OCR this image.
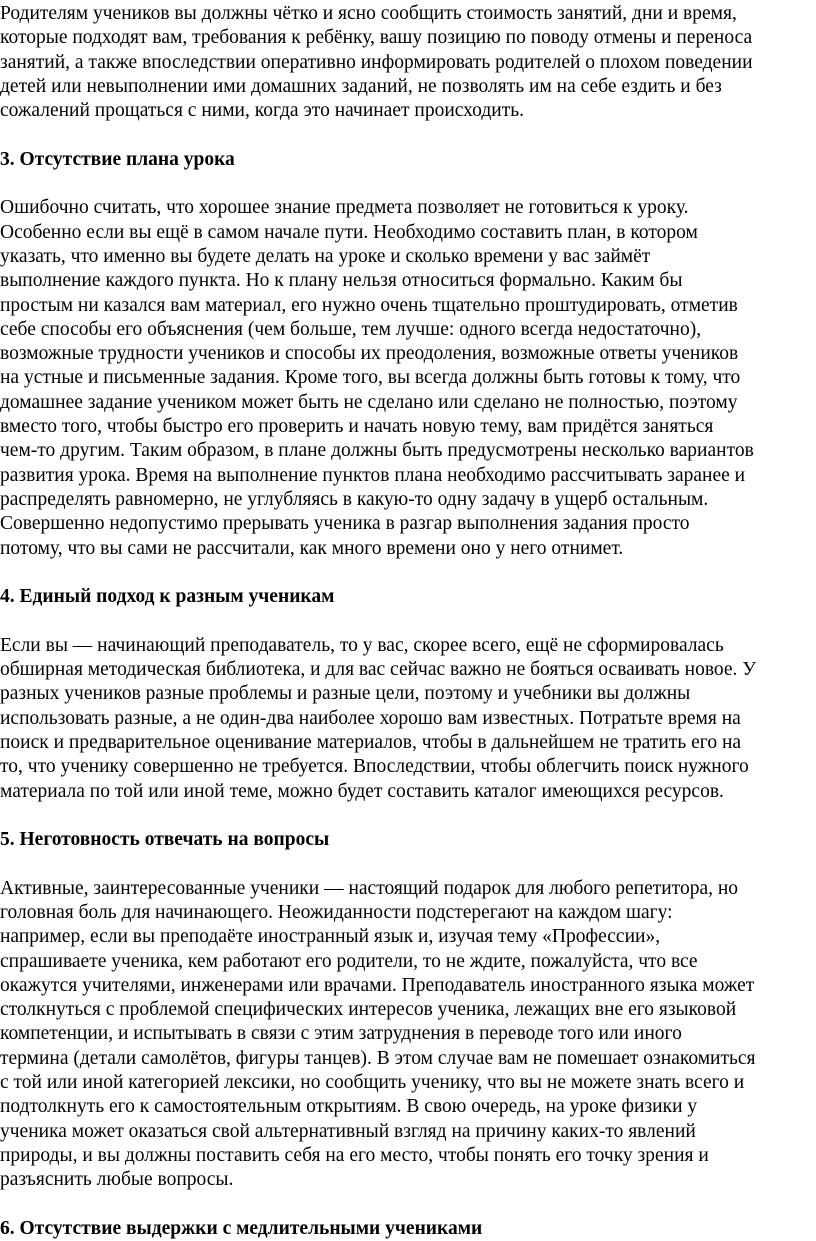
Родителям учеников вы должны чётко и ясно сообщить стоимость занятий, дни и время,
которые подходят вам, требования к ребёнку, вашу позицию по поводу отмены и переноса
занятий, а также впоследствии оперативно информировать родителей о плохом поведении
детей или невыполнении ими домашних заданий, не позволять им на себе ездить и без
сожалений прощаться с ними, когда это начинает происходить.
3. Отсутствие плана урока
Ошибочно считать, что хорошее знание предмета позволяет не готовиться к уроку.
Особенно если вы ещё в самом начале пути. Необходимо составить план, в котором
указать, что именно вы будете делать на уроке и сколько времени у вас займёт
выполнение каждого пункта. Но к плану нельзя относиться формально. Каким бы
простым ни казался вам материал, его нужно очень тщательно проштудировать, отметив
себе способы его объяснения (чем больше, тем лучше: одного всегда недостаточно),
возможные трудности учеников и способы их преодоления, возможные ответы учеников
на устные и письменные задания. Кроме того, вы всегда должны быть готовы к тому, что
домашнее задание учеником может быть не сделано или сделано не полностью, поэтому
вместо того, чтобы быстро его проверить и начать новую тему, вам придётся заняться
чем-то другим. Таким образом, в плане должны быть предусмотрены несколько вариантов
развития урока. Время на выполнение пунктов плана необходимо рассчитывать заранее и
распределять равномерно, не углубляясь в какую-то одну задачу в ущерб остальным.
Совершенно недопустимо прерывать ученика в разгар выполнения задания просто
потому, что вы сами не рассчитали, как много времени оно у него отнимет.
4. Единый подход к разным ученикам
Если вы — начинающий преподаватель, то у вас, скорее всего, ещё не сформировалась
обширная методическая библиотека, и для вас сейчас важно не бояться осваивать новое. У
разных учеников разные проблемы и разные цели, поэтому и учебники вы должны
использовать разные, а не один-два наиболее хорошо вам известных. Потратьте время на
поиск и предварительное оценивание материалов, чтобы в дальнейшем не тратить его на
то, что ученику совершенно не требуется. Впоследствии, чтобы облегчить поиск нужного
материала по той или иной теме, можно будет составить каталог имеющихся ресурсов.
5. Неготовность отвечать на вопросы
Активные, заинтересованные ученики — настоящий подарок для любого репетитора, но
головная боль для начинающего. Неожиданности подстерегают на каждом шагу:
например, если вы преподаёте иностранный язык и, изучая тему «Профессии»,
спрашиваете ученика, кем работают его родители, то не ждите, пожалуйста, что все
окажутся учителями, инженерами или врачами. Преподаватель иностранного языка может
столкнуться с проблемой специфических интересов ученика, лежащих вне его языковой
компетенции, и испытывать в связи с этим затруднения в переводе того или иного
термина (детали самолётов, фигуры танцев). В этом случае вам не помешает ознакомиться
с той или иной категорией лексики, но сообщить ученику, что вы не можете знать всего и
подтолкнуть его к самостоятельным открытиям. В свою очередь, на уроке физики у
ученика может оказаться свой альтернативный взгляд на причину каких-то явлений
природы, и вы должны поставить себя на его место, чтобы понять его точку зрения и
разъяснить любые вопросы.
6. Отсутствие выдержки с медлительными учениками
